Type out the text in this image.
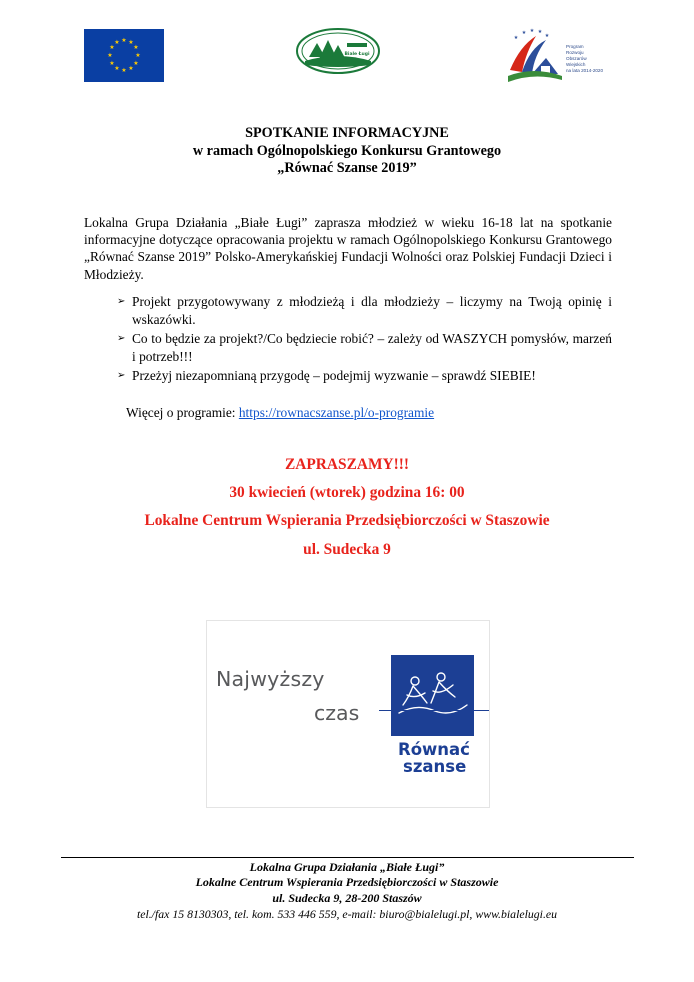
★ ★
★
★
★
★
★
★
★
★
★
★
Biale Ługi
★ ★ ★
★
★
Program
Rozwoju
Obszarów
Wiejskich
na lata 2014-2020
SPOTKANIE INFORMACYJNE
w ramach Ogólnopolskiego Konkursu Grantowego
„Równać Szanse 2019”
Lokalna Grupa Działania „Białe Ługi” zaprasza młodzież w wieku 16-18 lat na spotkanie informacyjne dotyczące opracowania projektu w ramach Ogólnopolskiego Konkursu Grantowego „Równać Szanse 2019” Polsko-Amerykańskiej Fundacji Wolności oraz Polskiej Fundacji Dzieci i Młodzieży.
➢ Projekt przygotowywany z młodzieżą i dla młodzieży – liczymy na Twoją opinię i wskazówki.
➢ Co to będzie za projekt?/Co będziecie robić? – zależy od WASZYCH pomysłów, marzeń i potrzeb!!!
➢ Przeżyj niezapomnianą przygodę – podejmij wyzwanie – sprawdź SIEBIE!
Więcej o programie: https://rownacszanse.pl/o-programie
ZAPRASZAMY!!!
30 kwiecień (wtorek) godzina 16: 00
Lokalne Centrum Wspierania Przedsiębiorczości w Staszowie
ul. Sudecka 9
Najwyższy
czas
Równać
szanse
Lokalna Grupa Działania „Białe Ługi”
Lokalne Centrum Wspierania Przedsiębiorczości w Staszowie
ul. Sudecka 9, 28-200 Staszów
tel./fax 15 8130303, tel. kom. 533 446 559, e-mail: biuro@bialelugi.pl, www.bialelugi.eu
